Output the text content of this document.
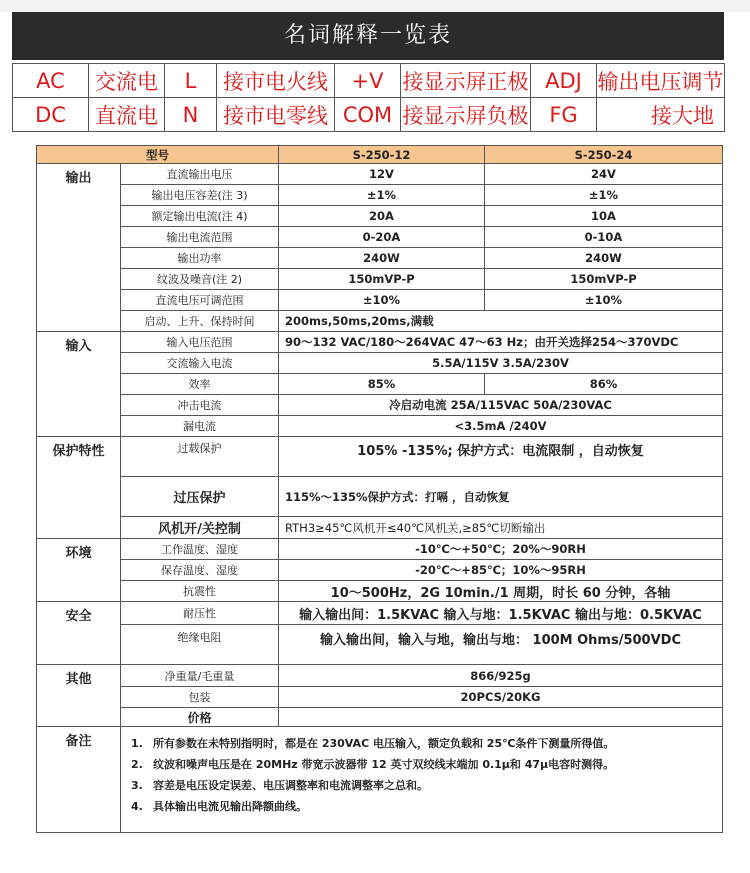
名词解释一览表
AC	交流电	L	接市电火线	+V	接显示屏正极	ADJ	输出电压调节
DC	直流电	N	接市电零线	COM	接显示屏负极	FG	接大地
型号		S-250-12	S-250-24
输出	直流输出电压	12V	24V
	输出电压容差(注 3)	±1%	±1%
	额定输出电流(注 4)	20A	10A
	输出电流范围	0-20A	0-10A
	输出功率	240W	240W
	纹波及噪音(注 2)	150mVP-P	150mVP-P
	直流电压可调范围	±10%	±10%
	启动、上升、保持时间	200ms,50ms,20ms,满载	
输入	输入电压范围	90～132 VAC/180～264VAC 47～63 Hz；由开关选择254～370VDC	
	交流输入电流	5.5A/115V 3.5A/230V	
	效率	85%	86%
	冲击电流	冷启动电流 25A/115VAC 50A/230VAC	
	漏电流	<3.5mA /240V	
保护特性	过载保护	105% -135%; 保护方式：电流限制 ，自动恢复	
	过压保护	115%～135%保护方式：打嗝 ，自动恢复	
	风机开/关控制	RTH3≥45℃风机开≤40℃风机关,≥85℃切断输出	
环境	工作温度、湿度	-10℃～+50℃；20%～90RH	
	保存温度、湿度	-20℃～+85℃；10%～95RH	
	抗震性	10～500Hz，2G 10min./1 周期，时长 60 分钟，各轴	
安全	耐压性	输入输出间：1.5KVAC 输入与地：1.5KVAC 输出与地：0.5KVAC	
	绝缘电阻	输入输出间，输入与地，输出与地： 100M Ohms/500VDC	
其他	净重量/毛重量	866/925g	
	包装	20PCS/20KG	
	价格		
备注	1. 所有参数在未特别指明时，都是在 230VAC 电压输入，额定负载和 25℃条件下测量所得值。
2. 纹波和噪声电压是在 20MHz 带宽示波器带 12 英寸双绞线末端加 0.1μ和 47μ电容时测得。
3. 容差是电压设定误差、电压调整率和电流调整率之总和。
4. 具体输出电流见输出降额曲线。		
